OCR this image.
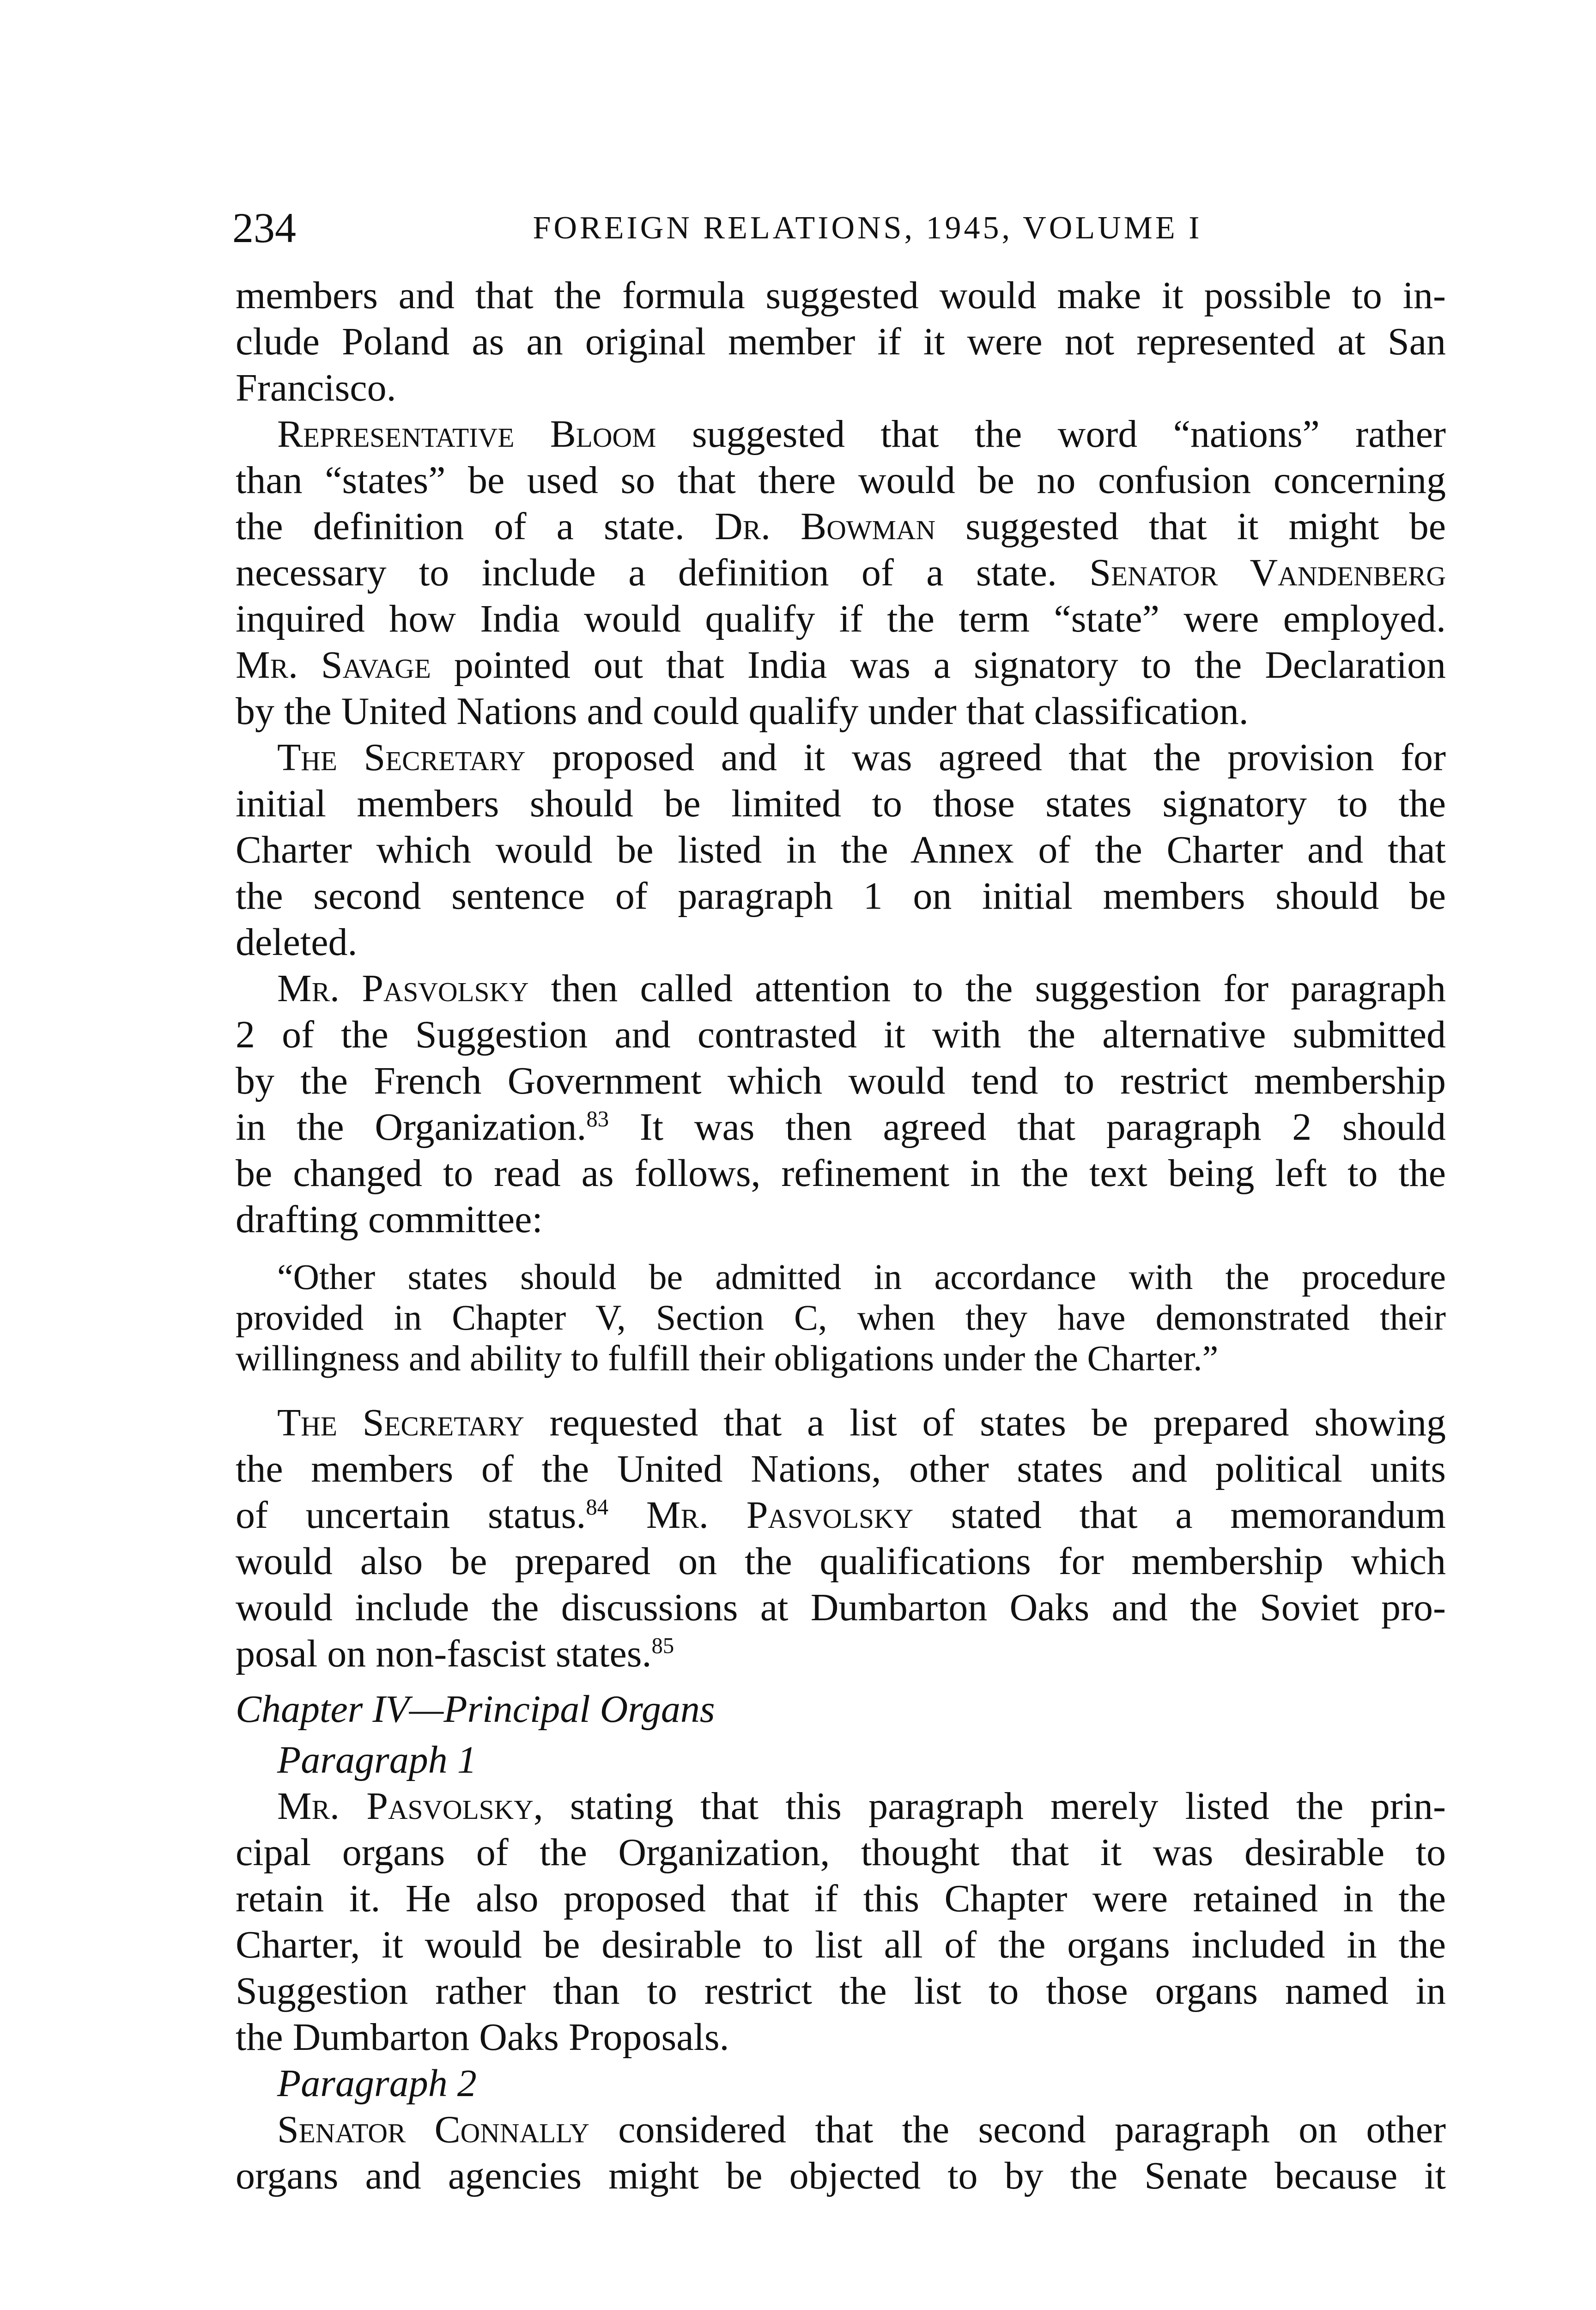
234	FOREIGN RELATIONS, 1945, VOLUME I
members and that the formula suggested would make it possible to in-
clude Poland as an original member if it were not represented at San
Francisco.
Representative Bloom suggested that the word “nations” rather
than “states” be used so that there would be no confusion concerning
the definition of a state. Dr. Bowman suggested that it might be
necessary to include a definition of a state. Senator Vandenberg
inquired how India would qualify if the term “state” were employed.
Mr. Savage pointed out that India was a signatory to the Declaration
by the United Nations and could qualify under that classification.
The Secretary proposed and it was agreed that the provision for
initial members should be limited to those states signatory to the
Charter which would be listed in the Annex of the Charter and that
the second sentence of paragraph 1 on initial members should be
deleted.
Mr. Pasvolsky then called attention to the suggestion for paragraph
2 of the Suggestion and contrasted it with the alternative submitted
by the French Government which would tend to restrict membership
in the Organization.$^{83}$ It was then agreed that paragraph 2 should
be changed to read as follows, refinement in the text being left to the
drafting committee:
“Other states should be admitted in accordance with the procedure
provided in Chapter V, Section C, when they have demonstrated their
willingness and ability to fulfill their obligations under the Charter.”
The Secretary requested that a list of states be prepared showing
the members of the United Nations, other states and political units
of uncertain status.$^{84}$ Mr. Pasvolsky stated that a memorandum
would also be prepared on the qualifications for membership which
would include the discussions at Dumbarton Oaks and the Soviet pro-
posal on non-fascist states.$^{85}$
Chapter IV—Principal Organs
Paragraph 1
Mr. Pasvolsky, stating that this paragraph merely listed the prin-
cipal organs of the Organization, thought that it was desirable to
retain it. He also proposed that if this Chapter were retained in the
Charter, it would be desirable to list all of the organs included in the
Suggestion rather than to restrict the list to those organs named in
the Dumbarton Oaks Proposals.
Paragraph 2
Senator Connally considered that the second paragraph on other
organs and agencies might be objected to by the Senate because it
